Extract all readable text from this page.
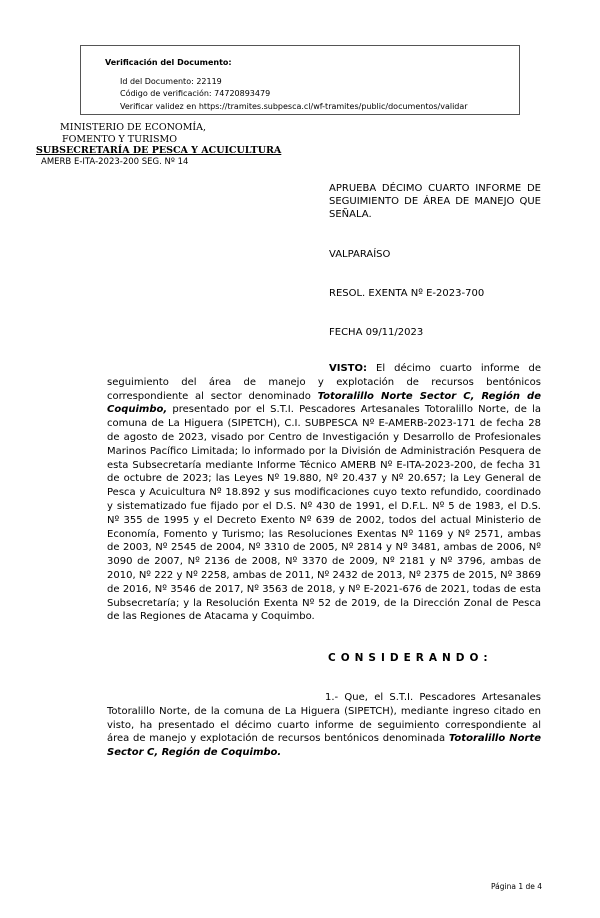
Verificación del Documento:
▸ Id del Documento: 22119
▸ Código de verificación: 74720893479
▸ Verificar validez en https://tramites.subpesca.cl/wf-tramites/public/documentos/validar
MINISTERIO DE ECONOMÍA,
FOMENTO Y TURISMO
SUBSECRETARÍA DE PESCA Y ACUICULTURA
AMERB E-ITA-2023-200 SEG. Nº 14
APRUEBA DÉCIMO CUARTO INFORME DE SEGUIMIENTO DE ÁREA DE MANEJO QUE SEÑALA.
VALPARAÍSO
RESOL. EXENTA Nº E-2023-700
FECHA 09/11/2023
VISTO: El décimo cuarto informe de seguimiento del área de manejo y explotación de recursos bentónicos correspondiente al sector denominado Totoralillo Norte Sector C, Región de Coquimbo, presentado por el S.T.I. Pescadores Artesanales Totoralillo Norte, de la comuna de La Higuera (SIPETCH), C.I. SUBPESCA Nº E-AMERB-2023-171 de fecha 28 de agosto de 2023, visado por Centro de Investigación y Desarrollo de Profesionales Marinos Pacífico Limitada; lo informado por la División de Administración Pesquera de esta Subsecretaría mediante Informe Técnico AMERB Nº E-ITA-2023-200, de fecha 31 de octubre de 2023; las Leyes Nº 19.880, Nº 20.437 y Nº 20.657; la Ley General de Pesca y Acuicultura Nº 18.892 y sus modificaciones cuyo texto refundido, coordinado y sistematizado fue fijado por el D.S. Nº 430 de 1991, el D.F.L. Nº 5 de 1983, el D.S. Nº 355 de 1995 y el Decreto Exento Nº 639 de 2002, todos del actual Ministerio de Economía, Fomento y Turismo; las Resoluciones Exentas Nº 1169 y Nº 2571, ambas de 2003, Nº 2545 de 2004, Nº 3310 de 2005, Nº 2814 y Nº 3481, ambas de 2006, Nº 3090 de 2007, Nº 2136 de 2008, Nº 3370 de 2009, Nº 2181 y Nº 3796, ambas de 2010, Nº 222 y Nº 2258, ambas de 2011, Nº 2432 de 2013, Nº 2375 de 2015, Nº 3869 de 2016, Nº 3546 de 2017, Nº 3563 de 2018, y Nº E-2021-676 de 2021, todas de esta Subsecretaría; y la Resolución Exenta Nº 52 de 2019, de la Dirección Zonal de Pesca de las Regiones de Atacama y Coquimbo.
CONSIDERANDO:
1.- Que, el S.T.I. Pescadores Artesanales Totoralillo Norte, de la comuna de La Higuera (SIPETCH), mediante ingreso citado en visto, ha presentado el décimo cuarto informe de seguimiento correspondiente al área de manejo y explotación de recursos bentónicos denominada Totoralillo Norte Sector C, Región de Coquimbo.
Página 1 de 4
